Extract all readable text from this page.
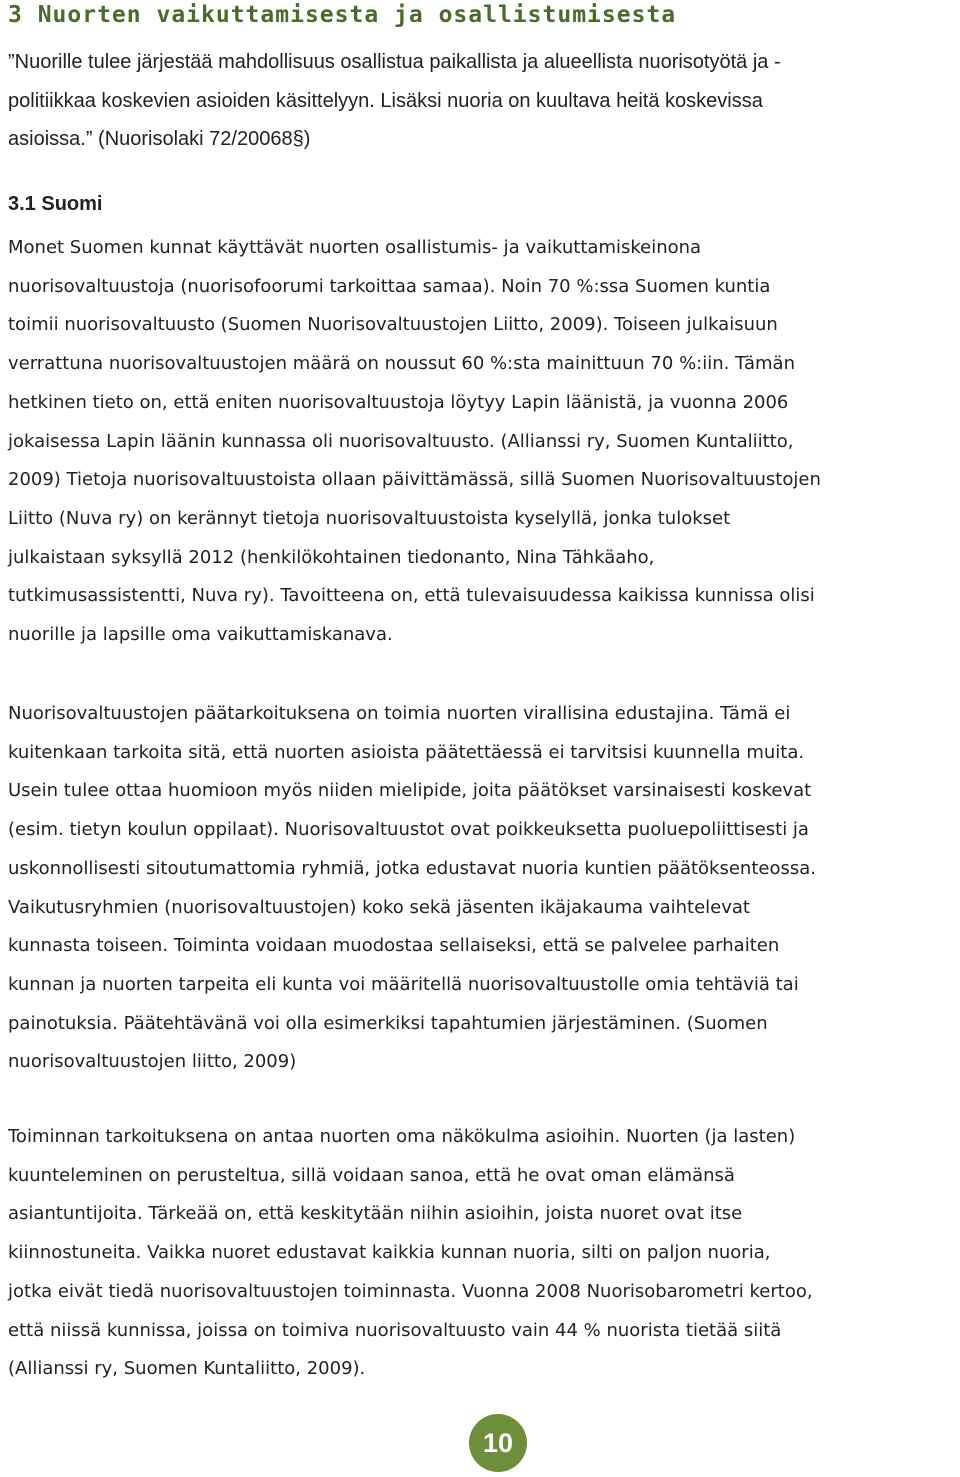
3 Nuorten vaikuttamisesta ja osallistumisesta
”Nuorille tulee järjestää mahdollisuus osallistua paikallista ja alueellista nuorisotyötä ja -
politiikkaa koskevien asioiden käsittelyyn. Lisäksi nuoria on kuultava heitä koskevissa
asioissa.” (Nuorisolaki 72/20068§)
3.1 Suomi
Monet Suomen kunnat käyttävät nuorten osallistumis- ja vaikuttamiskeinona
nuorisovaltuustoja (nuorisofoorumi tarkoittaa samaa). Noin 70 %:ssa Suomen kuntia
toimii nuorisovaltuusto (Suomen Nuorisovaltuustojen Liitto, 2009). Toiseen julkaisuun
verrattuna nuorisovaltuustojen määrä on noussut 60 %:sta mainittuun 70 %:iin. Tämän
hetkinen tieto on, että eniten nuorisovaltuustoja löytyy Lapin läänistä, ja vuonna 2006
jokaisessa Lapin läänin kunnassa oli nuorisovaltuusto. (Allianssi ry, Suomen Kuntaliitto,
2009) Tietoja nuorisovaltuustoista ollaan päivittämässä, sillä Suomen Nuorisovaltuustojen
Liitto (Nuva ry) on kerännyt tietoja nuorisovaltuustoista kyselyllä, jonka tulokset
julkaistaan syksyllä 2012 (henkilökohtainen tiedonanto, Nina Tähkäaho,
tutkimusassistentti, Nuva ry). Tavoitteena on, että tulevaisuudessa kaikissa kunnissa olisi
nuorille ja lapsille oma vaikuttamiskanava.
Nuorisovaltuustojen päätarkoituksena on toimia nuorten virallisina edustajina. Tämä ei
kuitenkaan tarkoita sitä, että nuorten asioista päätettäessä ei tarvitsisi kuunnella muita.
Usein tulee ottaa huomioon myös niiden mielipide, joita päätökset varsinaisesti koskevat
(esim. tietyn koulun oppilaat). Nuorisovaltuustot ovat poikkeuksetta puoluepoliittisesti ja
uskonnollisesti sitoutumattomia ryhmiä, jotka edustavat nuoria kuntien päätöksenteossa.
Vaikutusryhmien (nuorisovaltuustojen) koko sekä jäsenten ikäjakauma vaihtelevat
kunnasta toiseen. Toiminta voidaan muodostaa sellaiseksi, että se palvelee parhaiten
kunnan ja nuorten tarpeita eli kunta voi määritellä nuorisovaltuustolle omia tehtäviä tai
painotuksia. Päätehtävänä voi olla esimerkiksi tapahtumien järjestäminen. (Suomen
nuorisovaltuustojen liitto, 2009)
Toiminnan tarkoituksena on antaa nuorten oma näkökulma asioihin. Nuorten (ja lasten)
kuunteleminen on perusteltua, sillä voidaan sanoa, että he ovat oman elämänsä
asiantuntijoita. Tärkeää on, että keskitytään niihin asioihin, joista nuoret ovat itse
kiinnostuneita. Vaikka nuoret edustavat kaikkia kunnan nuoria, silti on paljon nuoria,
jotka eivät tiedä nuorisovaltuustojen toiminnasta. Vuonna 2008 Nuorisobarometri kertoo,
että niissä kunnissa, joissa on toimiva nuorisovaltuusto vain 44 % nuorista tietää siitä
(Allianssi ry, Suomen Kuntaliitto, 2009).
10
